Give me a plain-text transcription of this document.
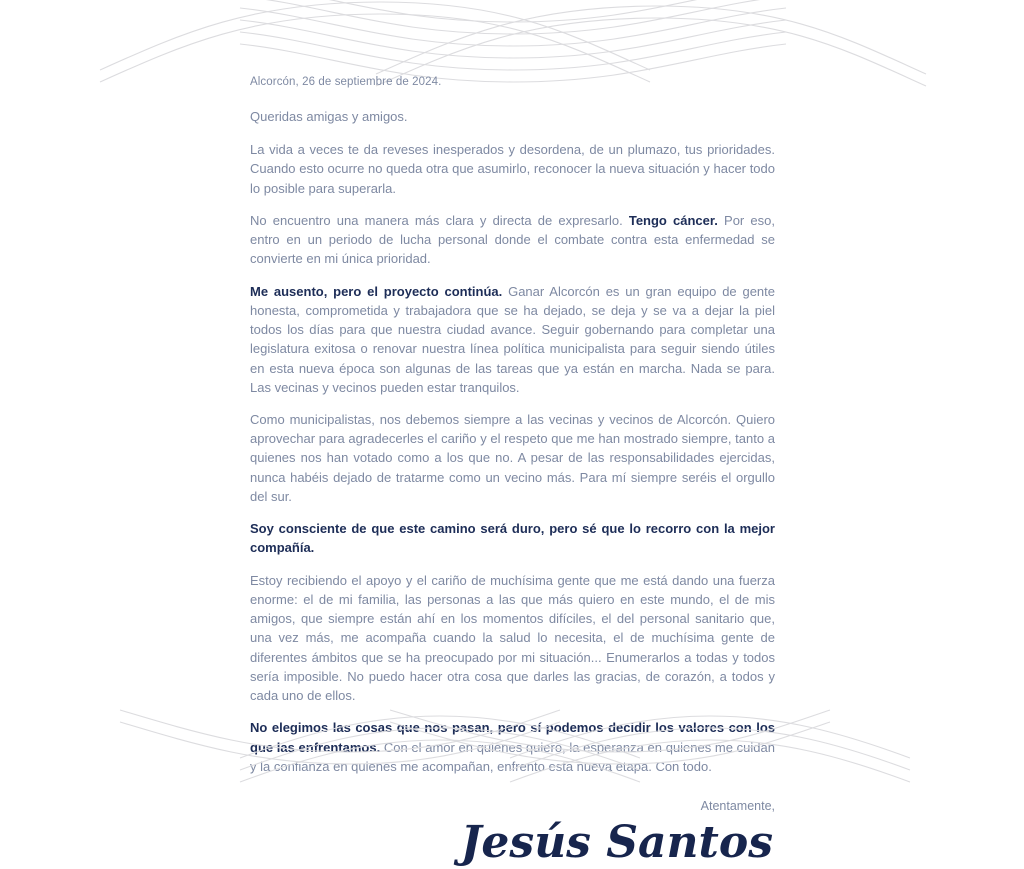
Alcorcón, 26 de septiembre de 2024.

Queridas amigas y amigos.

La vida a veces te da reveses inesperados y desordena, de un plumazo, tus prioridades. Cuando esto ocurre no queda otra que asumirlo, reconocer la nueva situación y hacer todo lo posible para superarla.

No encuentro una manera más clara y directa de expresarlo. Tengo cáncer. Por eso, entro en un periodo de lucha personal donde el combate contra esta enfermedad se convierte en mi única prioridad.

Me ausento, pero el proyecto continúa. Ganar Alcorcón es un gran equipo de gente honesta, comprometida y trabajadora que se ha dejado, se deja y se va a dejar la piel todos los días para que nuestra ciudad avance. Seguir gobernando para completar una legislatura exitosa o renovar nuestra línea política municipalista para seguir siendo útiles en esta nueva época son algunas de las tareas que ya están en marcha. Nada se para. Las vecinas y vecinos pueden estar tranquilos.

Como municipalistas, nos debemos siempre a las vecinas y vecinos de Alcorcón. Quiero aprovechar para agradecerles el cariño y el respeto que me han mostrado siempre, tanto a quienes nos han votado como a los que no. A pesar de las responsabilidades ejercidas, nunca habéis dejado de tratarme como un vecino más. Para mí siempre seréis el orgullo del sur.

Soy consciente de que este camino será duro, pero sé que lo recorro con la mejor compañía.

Estoy recibiendo el apoyo y el cariño de muchísima gente que me está dando una fuerza enorme: el de mi familia, las personas a las que más quiero en este mundo, el de mis amigos, que siempre están ahí en los momentos difíciles, el del personal sanitario que, una vez más, me acompaña cuando la salud lo necesita, el de muchísima gente de diferentes ámbitos que se ha preocupado por mi situación... Enumerarlos a todas y todos sería imposible. No puedo hacer otra cosa que darles las gracias, de corazón, a todos y cada uno de ellos.

No elegimos las cosas que nos pasan, pero sí podemos decidir los valores con los que las enfrentamos. Con el amor en quienes quiero, la esperanza en quienes me cuidan y la confianza en quienes me acompañan, enfrento esta nueva etapa. Con todo.

Atentamente,

Jesús Santos
